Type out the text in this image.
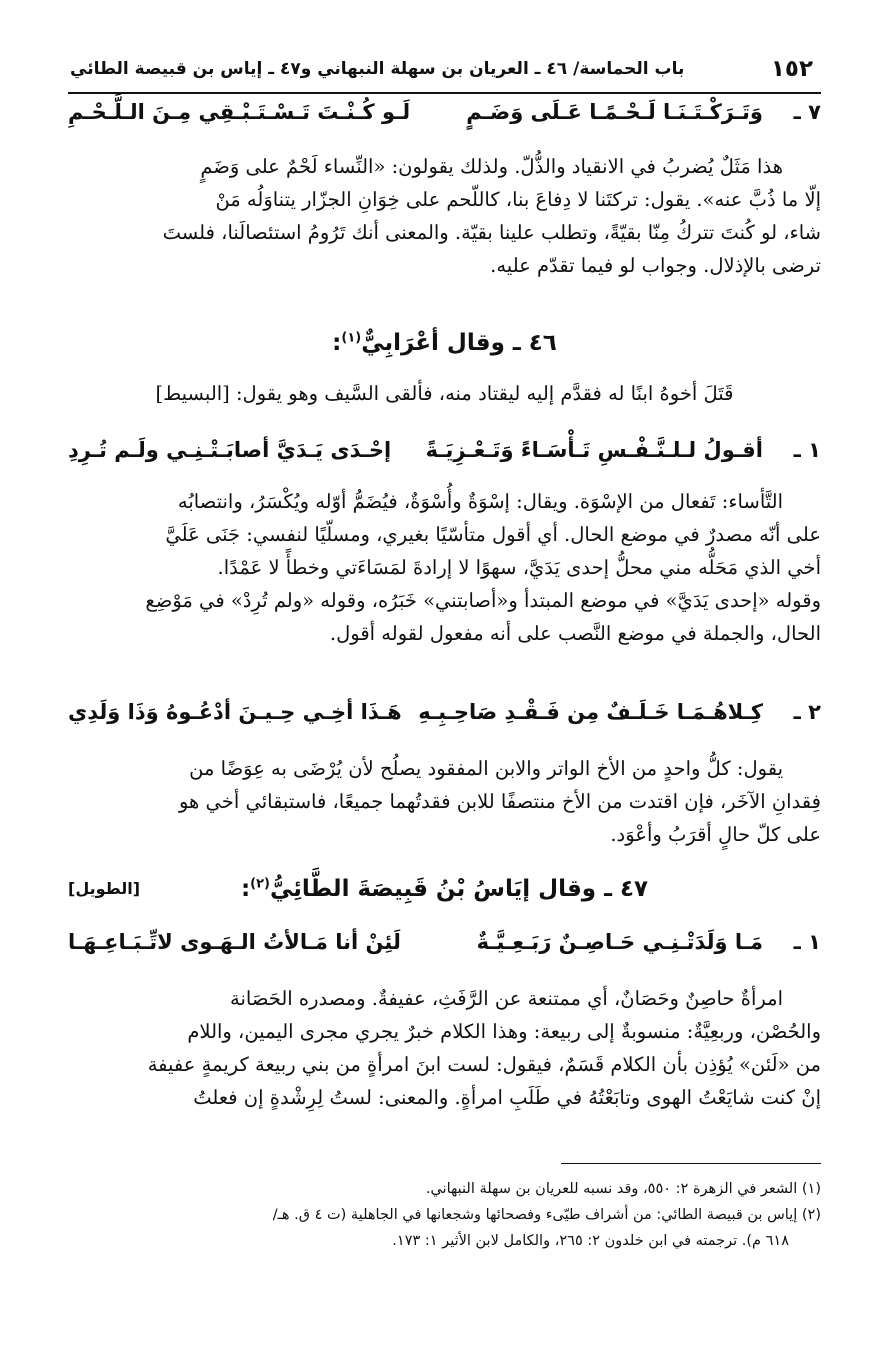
١٥٢
باب الحماسة/ ٤٦ ـ العريان بن سهلة النبهاني و٤٧ ـ إياس بن قبيصة الطائي
٧ ـ
وَتَـرَكْـتَـنَـا لَـحْـمًـا عَـلَى وَضَـمٍ
لَـو كُـنْـتَ تَـسْـتَـبْـقِي مِـنَ الـلَّـحْـمِ

هذا مَثَلٌ يُضربُ في الانقياد والذُّلّ. ولذلك يقولون: «النِّساء لَحْمٌ على وَضَمٍ

إلّا ما ذُبَّ عنه». يقول: تركتَنا لا دِفاعَ بنا، كاللّحم على خِوَانِ الجزّار يتناوَلُه مَنْ
شاء، لو كُنتَ تتركُ مِنّا بقيّةً، وتطلب علينا بقيّة. والمعنى أنك تَرُومُ استئصالَنا، فلستَ
ترضى بالإذلال. وجواب لو فيما تقدّم عليه.
٤٦ ـ وقال أعْرَابِيٌّ$^{(١)}$:
قَتَلَ أخوهُ ابنًا له فقدَّم إليه ليقتاد منه، فألقى السَّيف وهو يقول: [البسيط]
١ ـ
أقـولُ لـلـنَّـفْـسِ تَـأْسَـاءً وَتَـعْـزِيَـةً
إحْـدَى يَـدَيَّ أصابَـتْـنِـي ولَـم تُـرِدِ

التَّأساء: تَفعال من الإسْوَة. ويقال: إسْوَةٌ وأُسْوَةٌ، فيُضَمُّ أوّله ويُكْسَرُ، وانتصابُه

على أنّه مصدرٌ في موضع الحال. أي أقول متأسّيًا بغيري، ومسلّيًا لنفسي: جَنَى عَلَيَّ
أخي الذي مَحَلُّه مني محلُّ إحدى يَدَيَّ، سهوًا لا إرادةَ لمَسَاءَتي وخطأً لا عَمْدًا.
وقوله «إحدى يَدَيَّ» في موضع المبتدأ و«أصابتني» خَبَرُه، وقوله «ولم تُرِدْ» في مَوْضِع
الحال، والجملة في موضع النَّصب على أنه مفعول لقوله أقول.
٢ ـ
كِـلاهُـمَـا خَـلَـفٌ مِن فَـقْـدِ صَاحِـبِـهِ
هَـذَا أخِـي حِـيـنَ أدْعُـوهُ وَذَا وَلَدِي

يقول: كلُّ واحدٍ من الأخ الواتر والابن المفقود يصلُح لأن يُرْضَى به عِوَضًا من

فِقدانِ الآخَر، فإن اقتدت من الأخ منتصفًا للابن فقدتُهما جميعًا، فاستبقائي أخي هو
على كلّ حالٍ أقرَبُ وأعْوَد.
٤٧ ـ وقال إيَاسُ بْنُ قَبِيصَةَ الطَّائِيُّ$^{(٢)}$:
[الطويل]
١ ـ
مَـا وَلَدَتْـنِـي حَـاصِـنٌ رَبَـعِـيَّـةٌ
لَئِنْ أنا مَـالأتُ الـهَـوى لاتِّـبَـاعِـهَـا

امرأةٌ حاصِنٌ وحَصَانٌ، أي ممتنعة عن الرَّفَثِ، عفيفةٌ. ومصدره الحَصَانة

والحُصْن، وربعِيَّةٌ: منسوبةٌ إلى ربيعة: وهذا الكلام خبرٌ يجري مجرى اليمين، واللام
من «لَئن» يُؤذِن بأن الكلام قَسَمٌ، فيقول: لست ابنَ امرأةٍ من بني ربيعة كريمةٍ عفيفة
إنْ كنت شايَعْتُ الهوى وتابَعْتُهُ في طَلَبِ امرأةٍ. والمعنى: لستُ لِرِشْدةٍ إن فعلتُ
(١) الشعر في الزهرة ٢: ٥٥٠، وقد نسبه للعريان بن سهلة النبهاني.
(٢) إياس بن قبيصة الطائي: من أشراف طيّىء وفصحائها وشجعانها في الجاهلية (ت ٤ ق. هـ/
٦١٨ م). ترجمته في ابن خلدون ٢: ٢٦٥، والكامل لابن الأثير ١: ١٧٣.
